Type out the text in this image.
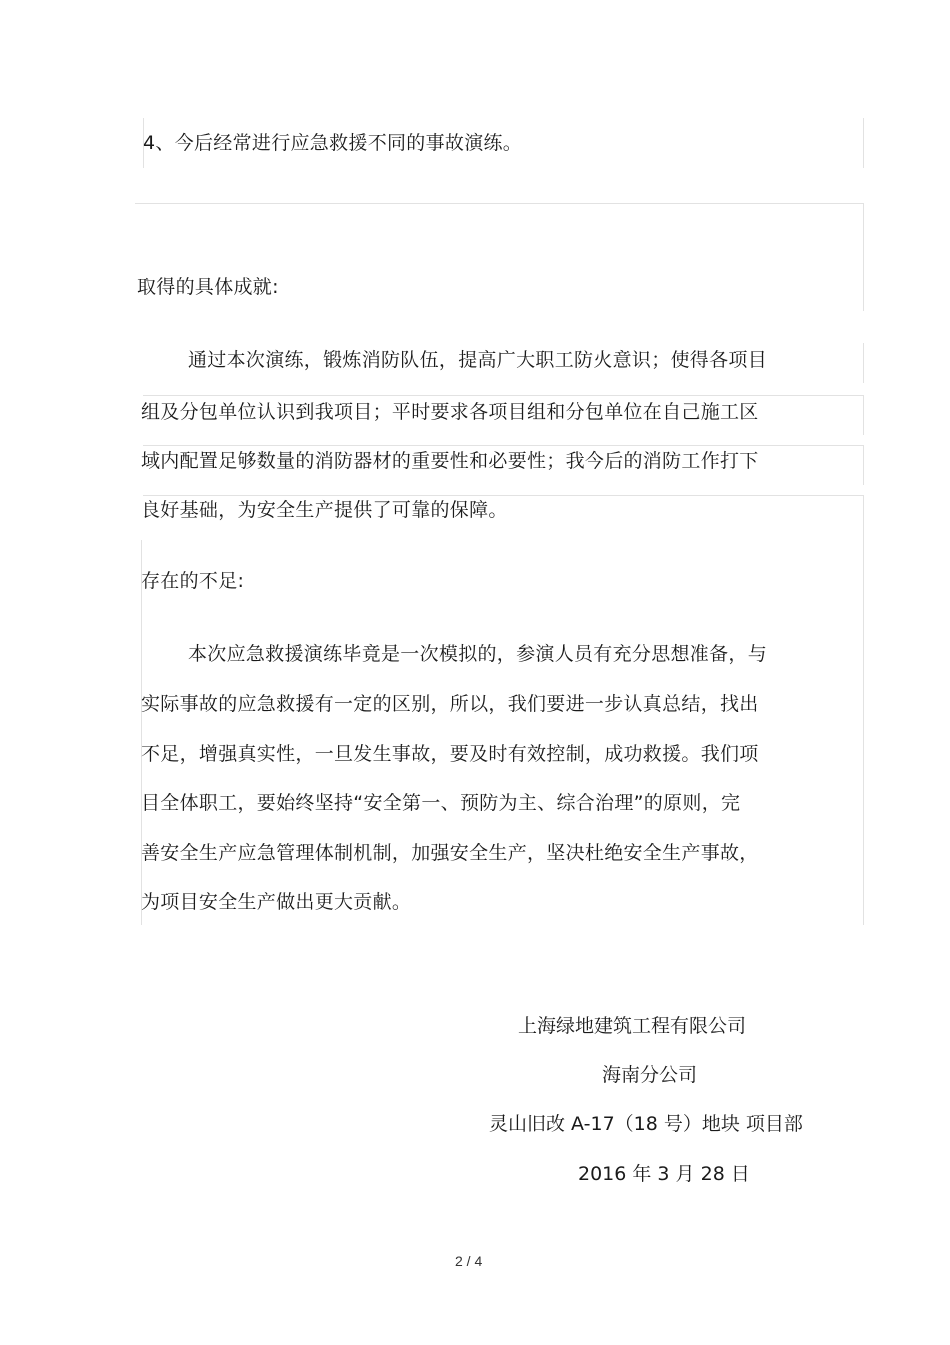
4、今后经常进行应急救援不同的事故演练。
取得的具体成就:
通过本次演练，锻炼消防队伍，提高广大职工防火意识；使得各项目
组及分包单位认识到我项目；平时要求各项目组和分包单位在自己施工区
域内配置足够数量的消防器材的重要性和必要性；我今后的消防工作打下
良好基础，为安全生产提供了可靠的保障。
存在的不足:
本次应急救援演练毕竟是一次模拟的，参演人员有充分思想准备，与
实际事故的应急救援有一定的区别，所以，我们要进一步认真总结，找出
不足，增强真实性，一旦发生事故，要及时有效控制，成功救援。我们项
目全体职工，要始终坚持“安全第一、预防为主、综合治理”的原则，完
善安全生产应急管理体制机制，加强安全生产，坚决杜绝安全生产事故，
为项目安全生产做出更大贡献。
上海绿地建筑工程有限公司
海南分公司
灵山旧改 A-17（18 号）地块 项目部
2016 年 3 月 28 日
2 / 4
